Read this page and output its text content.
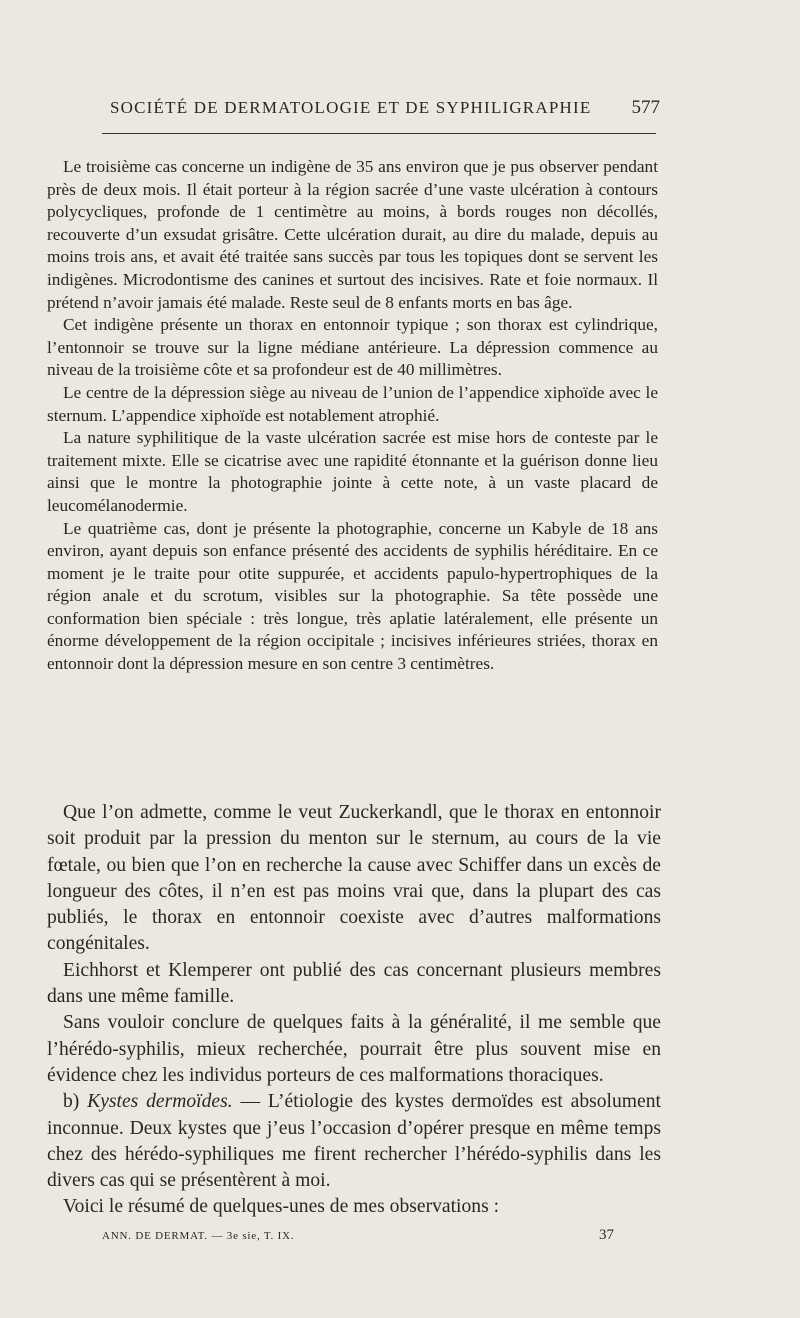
SOCIÉTÉ DE DERMATOLOGIE ET DE SYPHILIGRAPHIE 577

Le troisième cas concerne un indigène de 35 ans environ que je pus observer pendant près de deux mois. Il était porteur à la région sacrée d’une vaste ulcération à contours polycycliques, profonde de 1 centimètre au moins, à bords rouges non décollés, recouverte d’un exsudat grisâtre. Cette ulcération durait, au dire du malade, depuis au moins trois ans, et avait été traitée sans succès par tous les topiques dont se servent les indigènes. Microdontisme des canines et surtout des incisives. Rate et foie normaux. Il prétend n’avoir jamais été malade. Reste seul de 8 enfants morts en bas âge.

Cet indigène présente un thorax en entonnoir typique ; son thorax est cylindrique, l’entonnoir se trouve sur la ligne médiane antérieure. La dépression commence au niveau de la troisième côte et sa profondeur est de 40 millimètres.

Le centre de la dépression siège au niveau de l’union de l’appendice xiphoïde avec le sternum. L’appendice xiphoïde est notablement atrophié.

La nature syphilitique de la vaste ulcération sacrée est mise hors de conteste par le traitement mixte. Elle se cicatrise avec une rapidité étonnante et la guérison donne lieu ainsi que le montre la photographie jointe à cette note, à un vaste placard de leucomélanodermie.

Le quatrième cas, dont je présente la photographie, concerne un Kabyle de 18 ans environ, ayant depuis son enfance présenté des accidents de syphilis héréditaire. En ce moment je le traite pour otite suppurée, et accidents papulo-hypertrophiques de la région anale et du scrotum, visibles sur la photographie. Sa tête possède une conformation bien spéciale : très longue, très aplatie latéralement, elle présente un énorme développement de la région occipitale ; incisives inférieures striées, thorax en entonnoir dont la dépression mesure en son centre 3 centimètres.

Que l’on admette, comme le veut Zuckerkandl, que le thorax en entonnoir soit produit par la pression du menton sur le sternum, au cours de la vie fœtale, ou bien que l’on en recherche la cause avec Schiffer dans un excès de longueur des côtes, il n’en est pas moins vrai que, dans la plupart des cas publiés, le thorax en entonnoir coexiste avec d’autres malformations congénitales.

Eichhorst et Klemperer ont publié des cas concernant plusieurs membres dans une même famille.

Sans vouloir conclure de quelques faits à la généralité, il me semble que l’hérédo-syphilis, mieux recherchée, pourrait être plus souvent mise en évidence chez les individus porteurs de ces malformations thoraciques.

b) Kystes dermoïdes. — L’étiologie des kystes dermoïdes est absolument inconnue. Deux kystes que j’eus l’occasion d’opérer presque en même temps chez des hérédo-syphiliques me firent rechercher l’hérédo-syphilis dans les divers cas qui se présentèrent à moi.

Voici le résumé de quelques-unes de mes observations :

ANN. DE DERMAT. — 3e sie, T. IX.	37
